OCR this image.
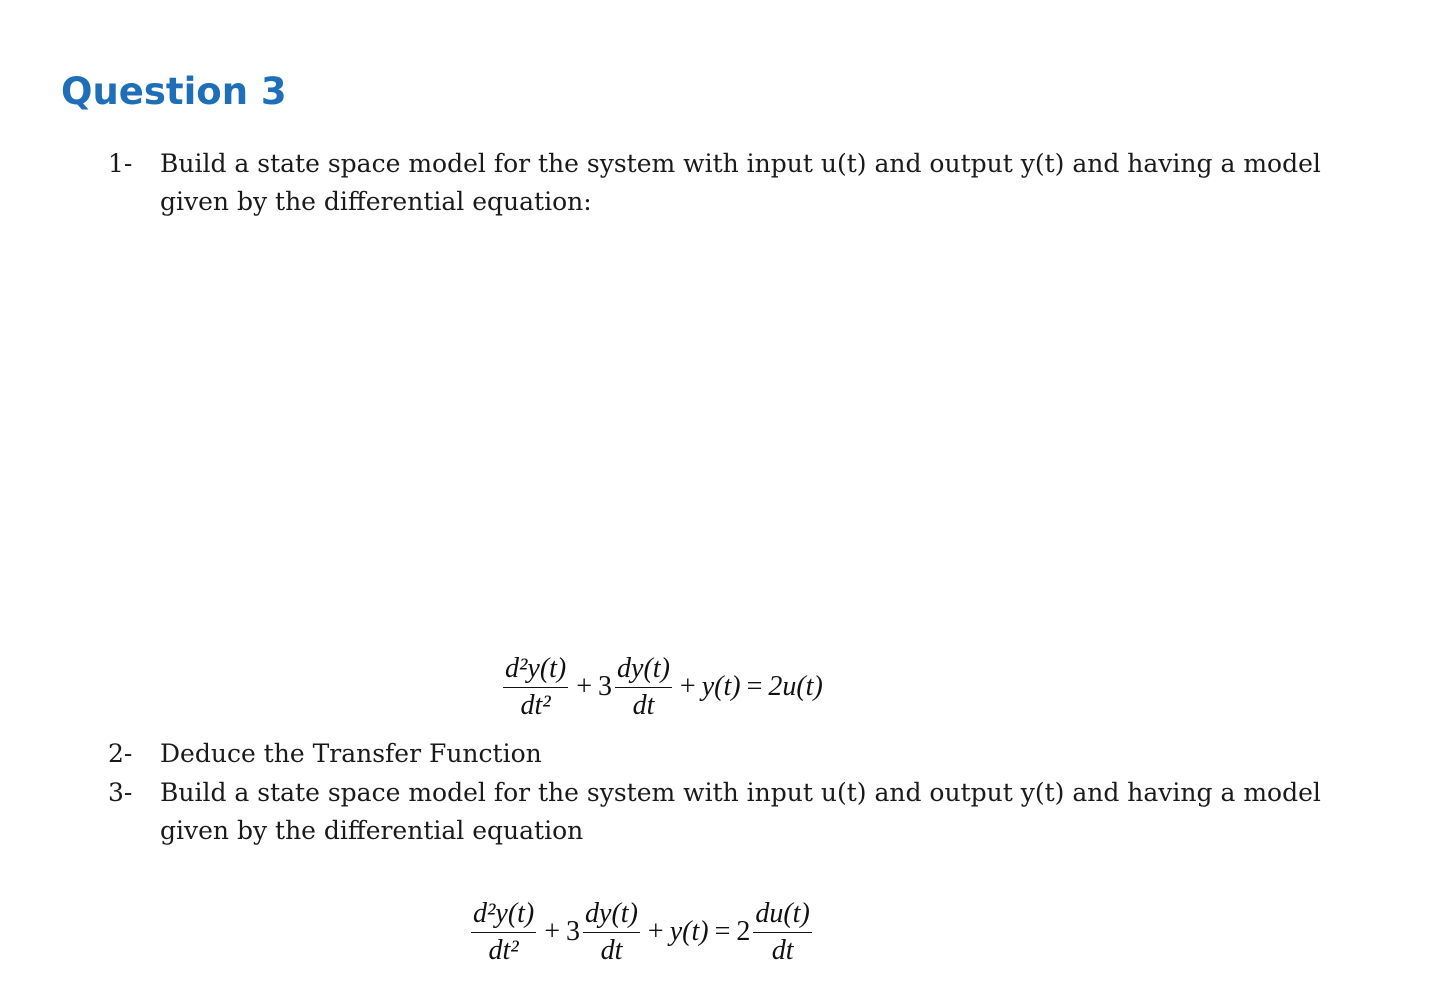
Question 3
1- Build a state space model for the system with input u(t) and output y(t) and having a model given by the differential equation:
$\frac{\text{d²y(t)}}{\text{dt²}} + 3 \frac{dy(t)}{dt} + y(t) = 2u(t)$
2- Deduce the Transfer Function
3- Build a state space model for the system with input u(t) and output y(t) and having a model given by the differential equation
$\frac{\text{d²y(t)}}{\text{dt²}} + 3 \frac{dy(t)}{dt} + y(t) = 2 \frac{du(t)}{dt}$
